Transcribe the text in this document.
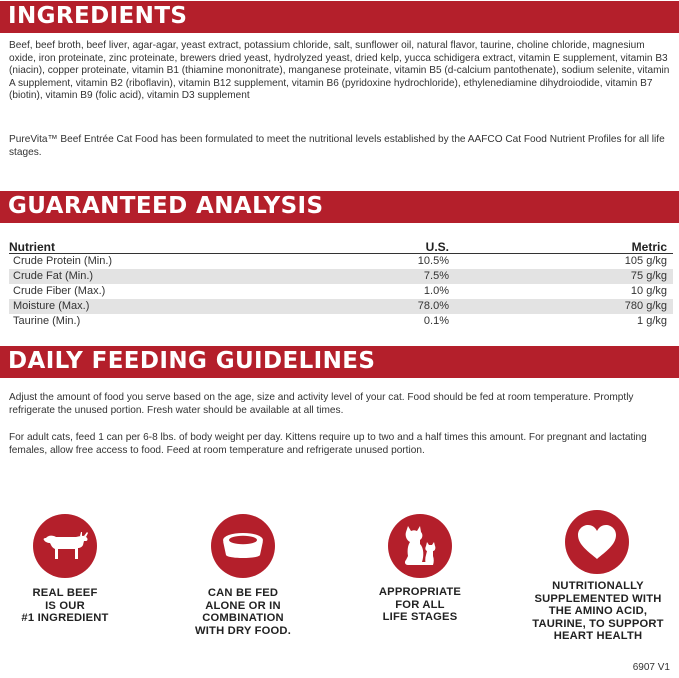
INGREDIENTS
Beef, beef broth, beef liver, agar-agar, yeast extract, potassium chloride, salt, sunflower oil, natural flavor, taurine, choline chloride, magnesium oxide, iron proteinate, zinc proteinate, brewers dried yeast, hydrolyzed yeast, dried kelp, yucca schidigera extract, vitamin E supplement, vitamin B3 (niacin), copper proteinate, vitamin B1 (thiamine mononitrate), manganese proteinate, vitamin B5 (d-calcium pantothenate), sodium selenite, vitamin A supplement, vitamin B2 (riboflavin), vitamin B12 supplement, vitamin B6 (pyridoxine hydrochloride), ethylenediamine dihydroiodide, vitamin B7 (biotin), vitamin B9 (folic acid), vitamin D3 supplement
PureVita™ Beef Entrée Cat Food has been formulated to meet the nutritional levels established by the AAFCO Cat Food Nutrient Profiles for all life stages.
GUARANTEED ANALYSIS
Nutrient	U.S.	Metric
Crude Protein (Min.)	10.5%	105 g/kg
Crude Fat (Min.)	7.5%	75 g/kg
Crude Fiber (Max.)	1.0%	10 g/kg
Moisture (Max.)	78.0%	780 g/kg
Taurine (Min.)	0.1%	1 g/kg
DAILY FEEDING GUIDELINES
Adjust the amount of food you serve based on the age, size and activity level of your cat. Food should be fed at room temperature. Promptly refrigerate the unused portion. Fresh water should be available at all times.
For adult cats, feed 1 can per 6-8 lbs. of body weight per day. Kittens require up to two and a half times this amount. For pregnant and lactating females, allow free access to food. Feed at room temperature and refrigerate unused portion.
REAL BEEF
IS OUR
#1 INGREDIENT
CAN BE FED
ALONE OR IN
COMBINATION
WITH DRY FOOD.
APPROPRIATE
FOR ALL
LIFE STAGES
NUTRITIONALLY
SUPPLEMENTED WITH
THE AMINO ACID,
TAURINE, TO SUPPORT
HEART HEALTH
6907 V1
